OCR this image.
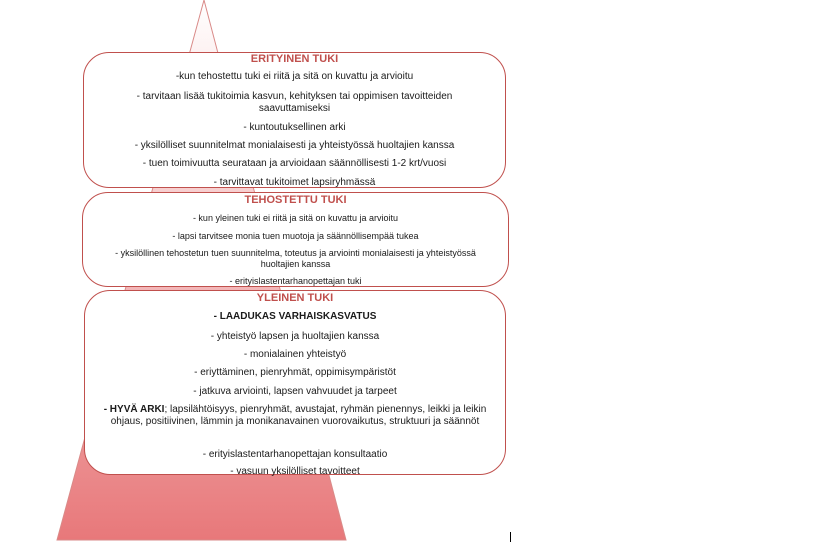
ERITYINEN TUKI
-kun tehostettu tuki ei riitä ja sitä on kuvattu ja arvioitu
- tarvitaan lisää tukitoimia kasvun, kehityksen tai oppimisen tavoitteiden saavuttamiseksi
- kuntoutuksellinen arki
- yksilölliset suunnitelmat monialaisesti ja yhteistyössä huoltajien kanssa
- tuen toimivuutta seurataan ja arvioidaan säännöllisesti 1-2 krt/vuosi
- tarvittavat tukitoimet lapsiryhmässä
TEHOSTETTU TUKI
- kun yleinen tuki ei riitä ja sitä on kuvattu ja arvioitu
- lapsi tarvitsee monia tuen muotoja ja säännöllisempää tukea
- yksilöllinen tehostetun tuen suunnitelma, toteutus ja arviointi monialaisesti ja yhteistyössä huoltajien kanssa
- erityislastentarhanopettajan tuki
YLEINEN TUKI
- LAADUKAS VARHAISKASVATUS
- yhteistyö lapsen ja huoltajien kanssa
- monialainen yhteistyö
- eriyttäminen, pienryhmät, oppimisympäristöt
- jatkuva arviointi, lapsen vahvuudet ja tarpeet
- HYVÄ ARKI; lapsilähtöisyys, pienryhmät, avustajat, ryhmän pienennys, leikki ja leikin ohjaus, positiivinen, lämmin ja monikanavainen vuorovaikutus, struktuuri ja säännöt
- erityislastentarhanopettajan konsultaatio
- vasuun yksilölliset tavoitteet
